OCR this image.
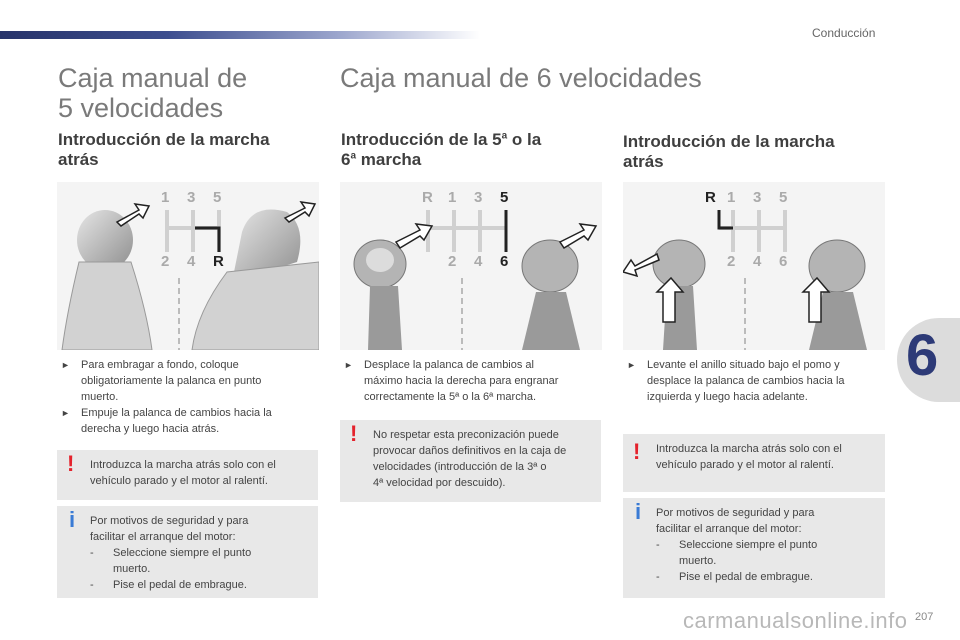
Conducción
6
Caja manual de
5 velocidades
Caja manual de 6 velocidades
Introducción de la marcha
atrás
Introducción de la 5$^a$ o la
6$^a$ marcha
Introducción de la marcha
atrás
1 3 5
2 4 R
R 1 3 5
2 4 6
R 1 3 5
2 4 6
► Para embragar a fondo, coloque
obligatoriamente la palanca en punto
muerto.
► Empuje la palanca de cambios hacia la
derecha y luego hacia atrás.
► Desplace la palanca de cambios al
máximo hacia la derecha para engranar
correctamente la 5ª o la 6ª marcha.
► Levante el anillo situado bajo el pomo y
desplace la palanca de cambios hacia la
izquierda y luego hacia adelante.
! Introduzca la marcha atrás solo con el
vehículo parado y el motor al ralentí.
i Por motivos de seguridad y para
facilitar el arranque del motor:
- Seleccione siempre el punto
muerto.
- Pise el pedal de embrague.
! No respetar esta preconización puede
provocar daños definitivos en la caja de
velocidades (introducción de la 3ª o
4ª velocidad por descuido).
! Introduzca la marcha atrás solo con el
vehículo parado y el motor al ralentí.
i Por motivos de seguridad y para
facilitar el arranque del motor:
- Seleccione siempre el punto
muerto.
- Pise el pedal de embrague.
carmanualsonline.info 207
